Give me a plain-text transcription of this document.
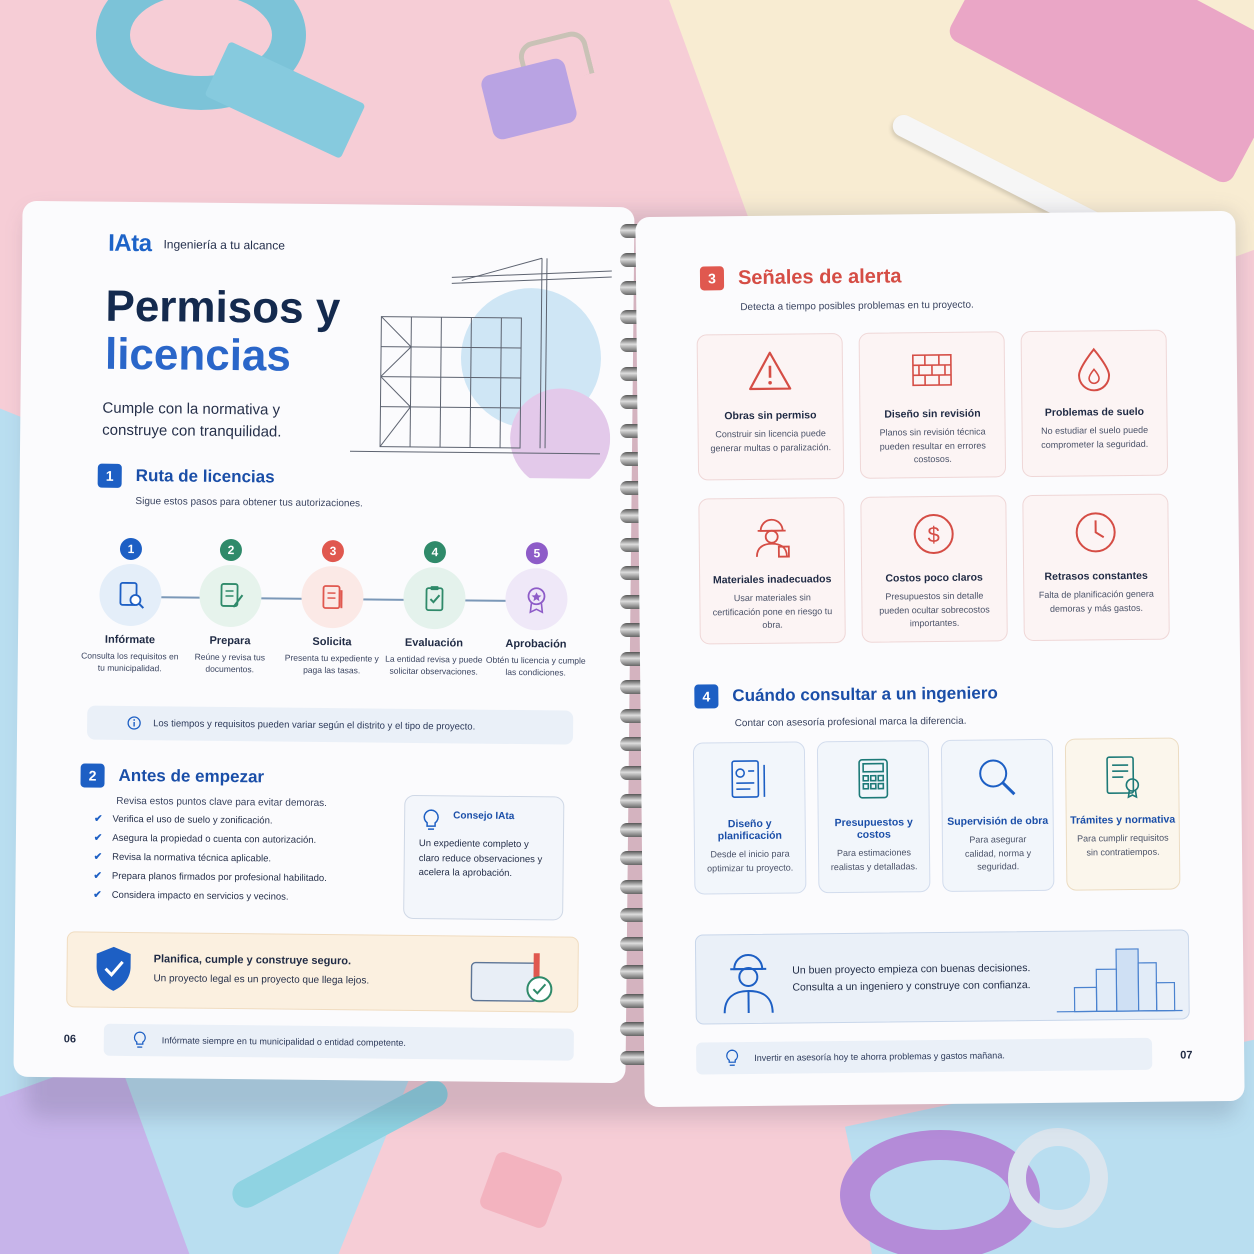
IAta Ingeniería a tu alcance
Permisos y
licencias
Cumple con la normativa y construye con tranquilidad.
1	Ruta de licencias
Sigue estos pasos para obtener tus autorizaciones.
1
Infórmate
Consulta los requisitos en tu municipalidad.
2
Prepara
Reúne y revisa tus documentos.
3
Solicita
Presenta tu expediente y paga las tasas.
4
Evaluación
La entidad revisa y puede solicitar observaciones.
5
Aprobación
Obtén tu licencia y cumple las condiciones.
Los tiempos y requisitos pueden variar según el distrito y el tipo de proyecto.
2	Antes de empezar
Revisa estos puntos clave para evitar demoras.
✔ Verifica el uso de suelo y zonificación.
✔ Asegura la propiedad o cuenta con autorización.
✔ Revisa la normativa técnica aplicable.
✔ Prepara planos firmados por profesional habilitado.
✔ Considera impacto en servicios y vecinos.
Consejo IAta
Un expediente completo y claro reduce observaciones y acelera la aprobación.
Planifica, cumple y construye seguro.
Un proyecto legal es un proyecto que llega lejos.
06	Infórmate siempre en tu municipalidad o entidad competente.
3	Señales de alerta
Detecta a tiempo posibles problemas en tu proyecto.
Obras sin permiso
Construir sin licencia puede generar multas o paralización.
Diseño sin revisión
Planos sin revisión técnica pueden resultar en errores costosos.
Problemas de suelo
No estudiar el suelo puede comprometer la seguridad.
Materiales inadecuados
Usar materiales sin certificación pone en riesgo tu obra.
$
Costos poco claros
Presupuestos sin detalle pueden ocultar sobrecostos importantes.
Retrasos constantes
Falta de planificación genera demoras y más gastos.
4	Cuándo consultar a un ingeniero
Contar con asesoría profesional marca la diferencia.
Diseño y planificación
Desde el inicio para optimizar tu proyecto.
Presupuestos y costos
Para estimaciones realistas y detalladas.
Supervisión de obra
Para asegurar calidad, norma y seguridad.
Trámites y normativa
Para cumplir requisitos sin contratiempos.
Un buen proyecto empieza con buenas decisiones.
Consulta a un ingeniero y construye con confianza.
Invertir en asesoría hoy te ahorra problemas y gastos mañana.	07
